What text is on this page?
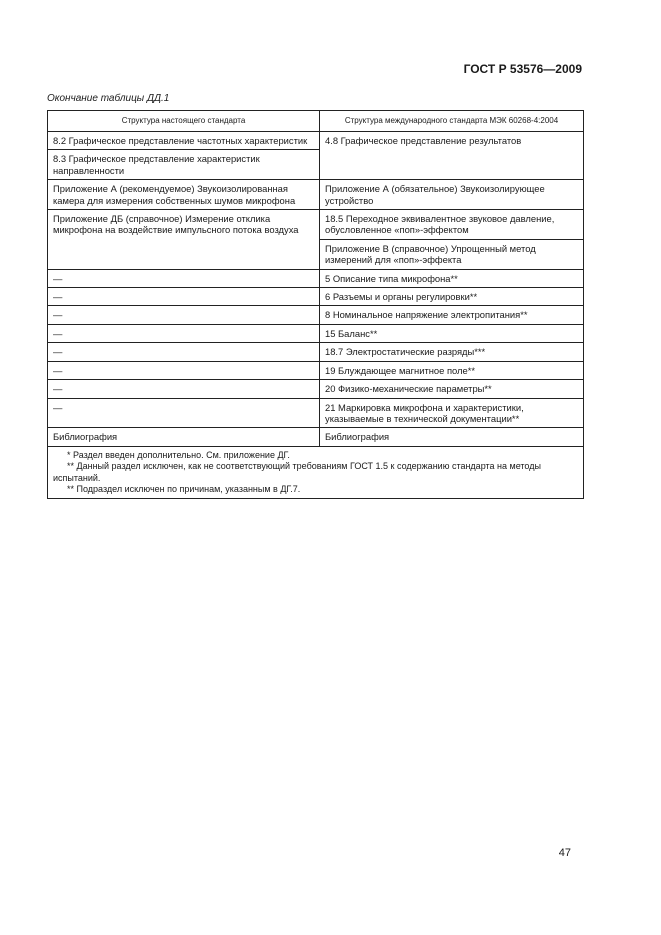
ГОСТ Р 53576—2009
Окончание таблицы ДД.1
Структура настоящего стандарта	Структура международного стандарта МЭК 60268-4:2004
8.2 Графическое представление частотных характеристик	4.8 Графическое представление результатов
8.3 Графическое представление характеристик направленности	
Приложение А (рекомендуемое) Звукоизолированная камера для измерения собственных шумов микрофона	Приложение А (обязательное) Звукоизолирующее устройство
Приложение ДБ (справочное) Измерение отклика микрофона на воздействие импульсного потока воздуха	18.5 Переходное эквивалентное звуковое давление, обусловленное «поп»-эффектом
	Приложение В (справочное) Упрощенный метод измерений для «поп»-эффекта
—	5 Описание типа микрофона**
—	6 Разъемы и органы регулировки**
—	8 Номинальное напряжение электропитания**
—	15 Баланс**
—	18.7 Электростатические разряды***
—	19 Блуждающее магнитное поле**
—	20 Физико-механические параметры**
—	21 Маркировка микрофона и характеристики, указываемые в технической документации**
Библиография	Библиография

* Раздел введен дополнительно. См. приложение ДГ.
** Данный раздел исключен, как не соответствующий требованиям ГОСТ 1.5 к содержанию стандарта на методы испытаний.
** Подраздел исключен по причинам, указанным в ДГ.7.	
47
